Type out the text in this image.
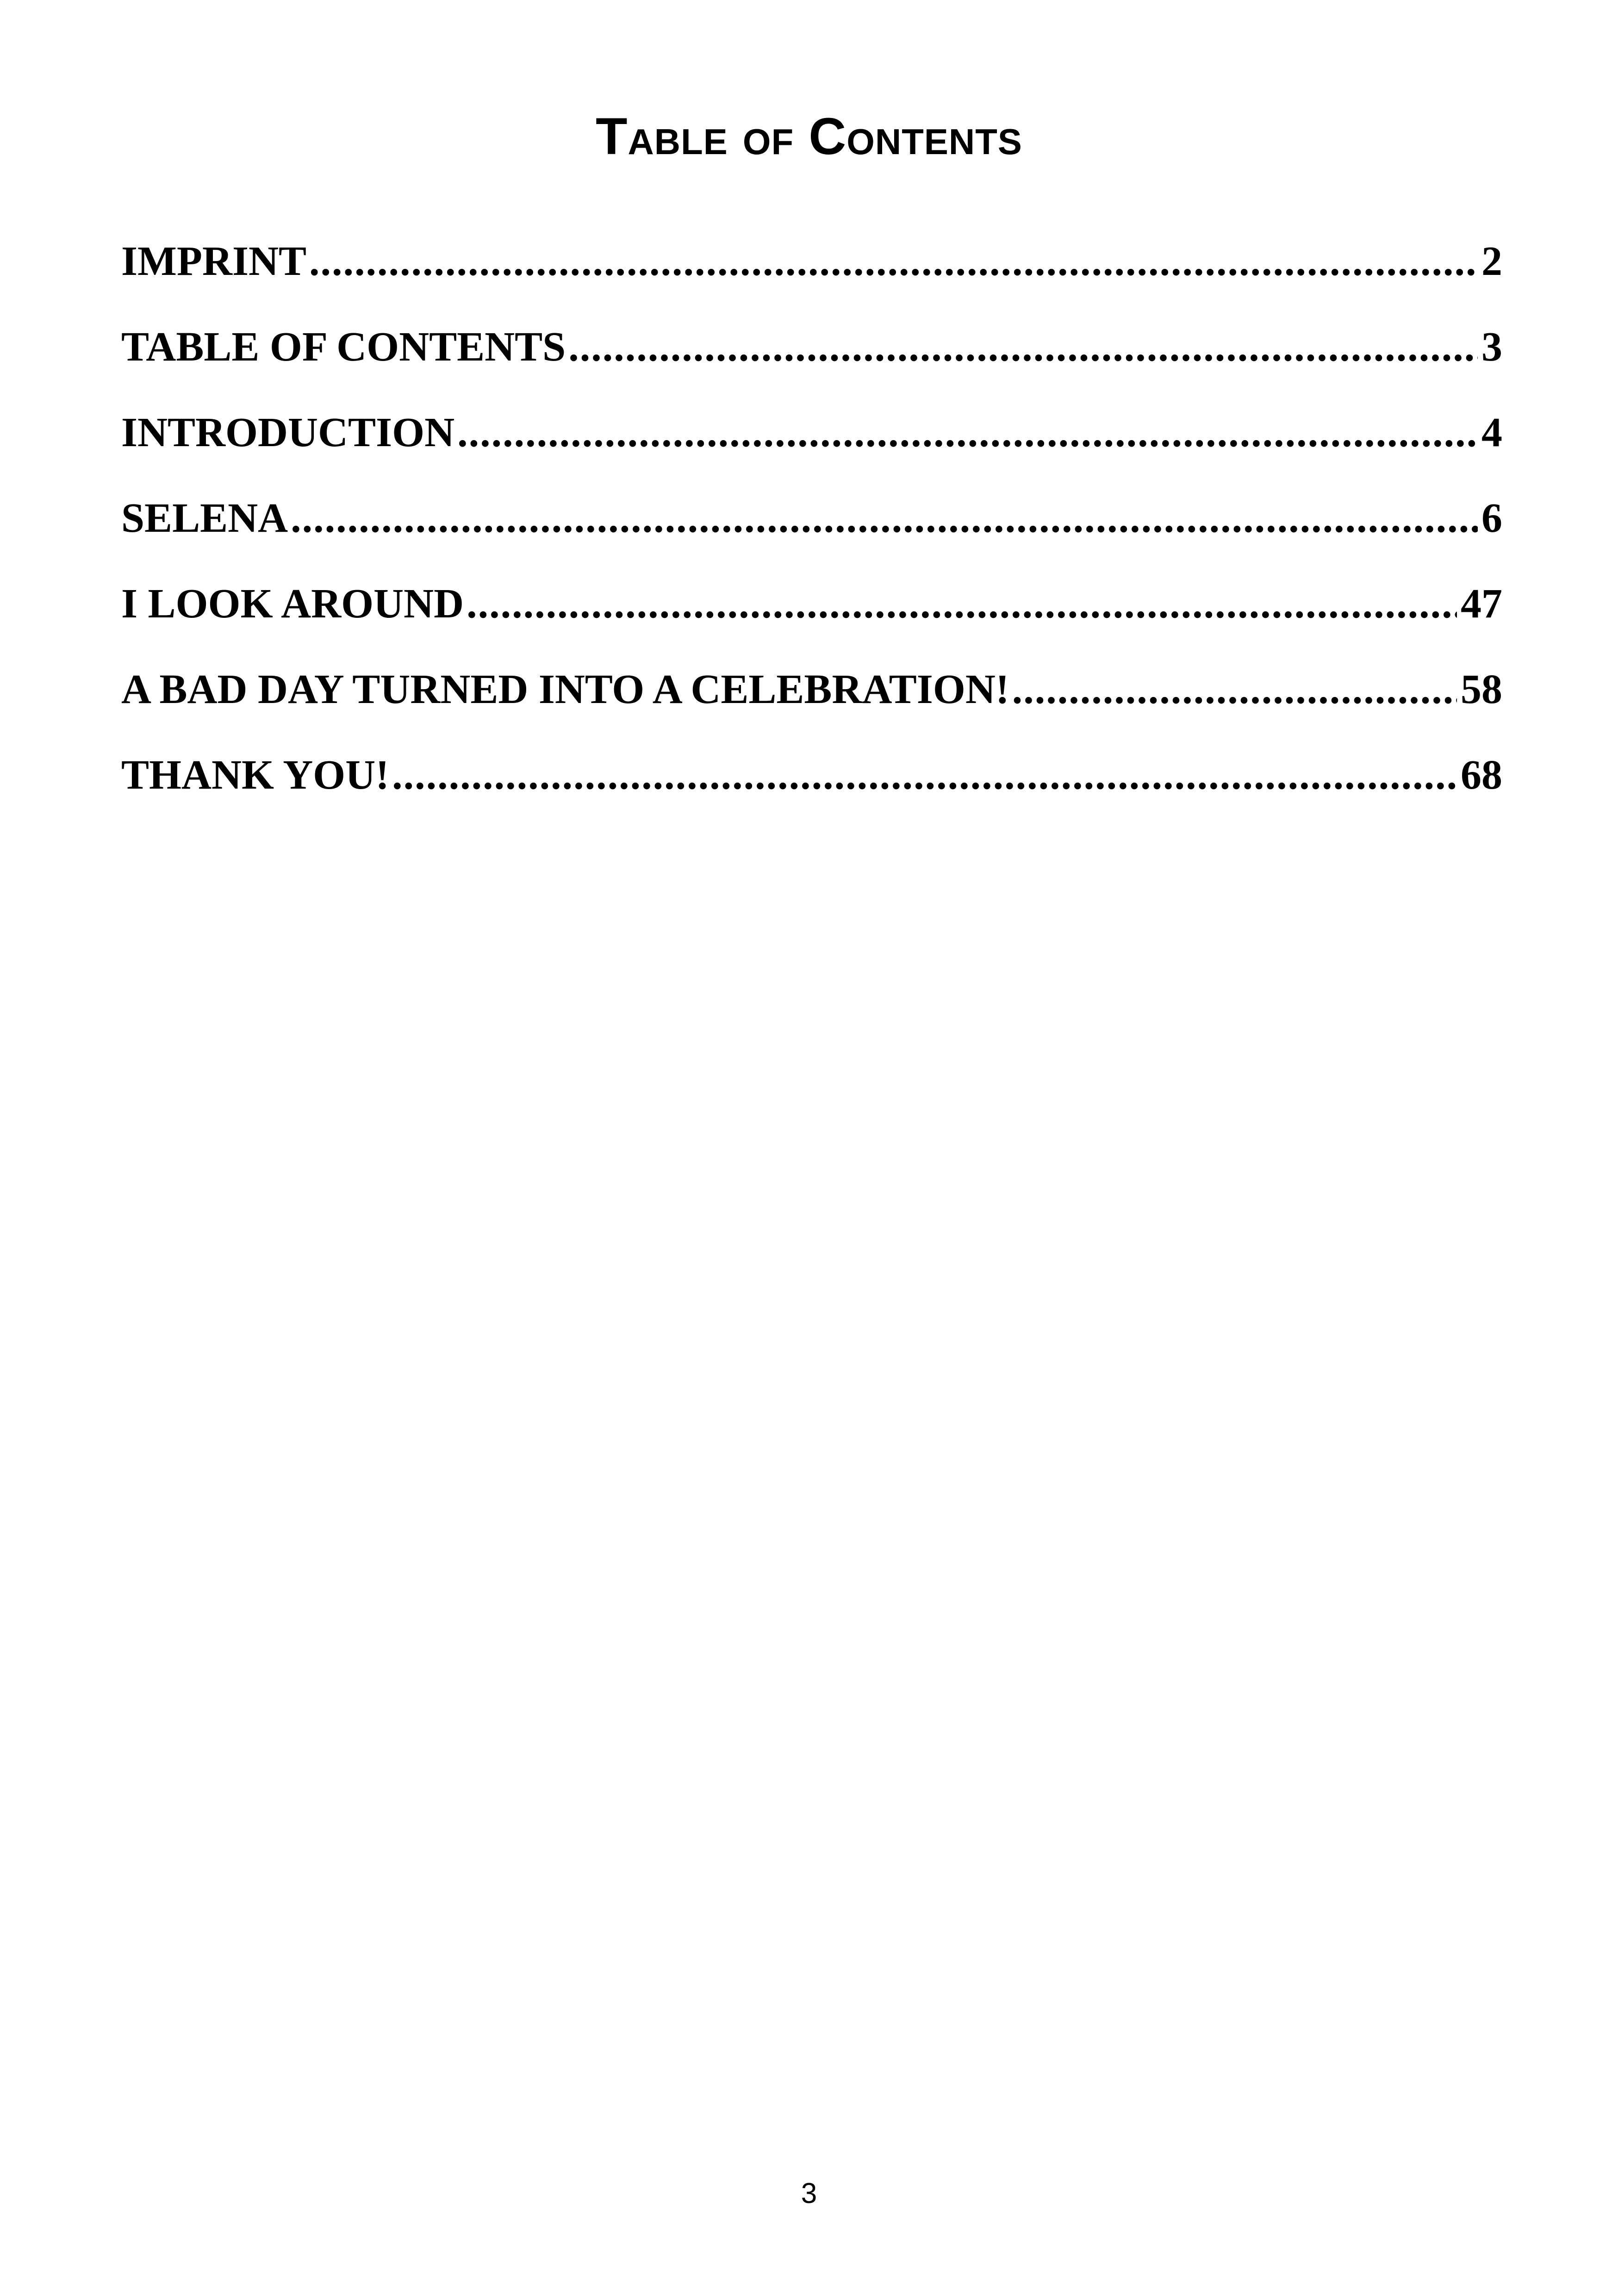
Table of Contents
IMPRINT .....	2
TABLE OF CONTENTS .....	3
INTRODUCTION .....	4
SELENA .....	6
I LOOK AROUND .....	47
A BAD DAY TURNED INTO A CELEBRATION! .....	58
THANK YOU! .....	68
3
